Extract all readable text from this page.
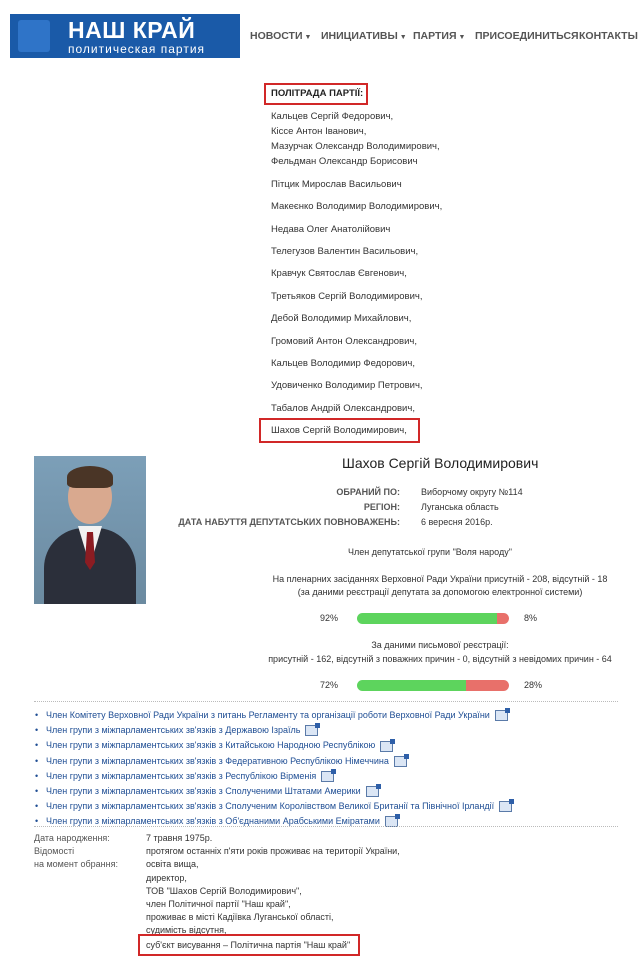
НАШ КРАЙ
политическая партия
НОВОСТИ ▼ ИНИЦИАТИВЫ ▼ ПАРТИЯ ▼ ПРИСОЕДИНИТЬСЯ КОНТАКТЫ
ПОЛІТРАДА ПАРТІЇ:
Кальцев Сергій Федорович,
Кіссе Антон Іванович,
Мазурчак Олександр Володимирович,
Фельдман Олександр Борисович
Пітцик Мирослав Васильович
Макеєнко Володимир Володимирович,
Недава Олег Анатолійович
Телегузов Валентин Васильович,
Кравчук Святослав Євгенович,
Третьяков Сергій Володимирович,
Дебой Володимир Михайлович,
Громовий Антон Олександрович,
Кальцев Володимир Федорович,
Удовиченко Володимир Петрович,
Табалов Андрій Олександрович,
Шахов Сергій Володимирович,
Шахов Сергій Володимирович
ОБРАНИЙ ПО: Виборчому округу №114
РЕГІОН: Луганська область
ДАТА НАБУТТЯ ДЕПУТАТСЬКИХ ПОВНОВАЖЕНЬ: 6 вересня 2016р.
Член депутатської групи "Воля народу"
На пленарних засіданнях Верховної Ради України присутній - 208, відсутній - 18
(за даними реєстрації депутата за допомогою електронної системи)
92%	8%
За даними письмової реєстрації:
присутній - 162, відсутній з поважних причин - 0, відсутній з невідомих причин - 64
72%	28%
• Член Комітету Верховної Ради України з питань Регламенту та організації роботи Верховної Ради України
• Член групи з міжпарламентських зв'язків з Державою Ізраїль
• Член групи з міжпарламентських зв'язків з Китайською Народною Республікою
• Член групи з міжпарламентських зв'язків з Федеративною Республікою Німеччина
• Член групи з міжпарламентських зв'язків з Республікою Вірменія
• Член групи з міжпарламентських зв'язків з Сполученими Штатами Америки
• Член групи з міжпарламентських зв'язків з Сполученим Королівством Великої Британії та Північної Ірландії
• Член групи з міжпарламентських зв'язків з Об'єднаними Арабськими Еміратами
Дата народження:	7 травня 1975р.
Відомості
на момент обрання:
протягом останніх п'яти років проживає на території України,
освіта вища,
директор,
ТОВ "Шахов Сергій Володимирович",
член Політичної партії "Наш край",
проживає в місті Кадіївка Луганської області,
судимість відсутня,
суб'єкт висування – Політична партія "Наш край"
